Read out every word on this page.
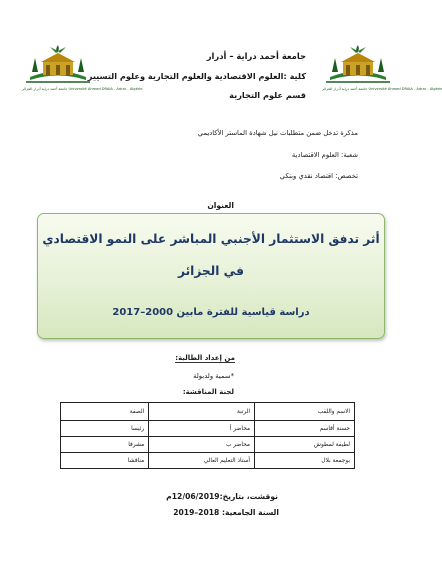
جامعة أحمد دراية أدرار الجزائر Université Ahmed DRAIA - Adrar - Algérie	جامعة أحمد دراية أدرار الجزائر Université Ahmed DRAIA - Adrar - Algérie
جامعة أحمد دراية – أدرار
كلية :العلوم الاقتصادية والعلوم التجارية وعلوم التسيير
قسم علوم التجارية
مذكرة تدخل ضمن متطلبات نيل شهادة الماستر الأكاديمي
شعبة: العلوم الاقتصادية
تخصص: اقتصاد نقدي وبنكي
العنوان
أثر تدفق الاستثمار الأجنبي المباشر على النمو الاقتصادي
في الجزائر
دراسة قياسية للفترة مابين 2000–2017
من إعداد الطالبة:
*سمية ولدبولة
لجنة المناقشة:
الاسم واللقب	الرتبة	الصفة
حسنة أقاسم	محاضر أ	رئيسا
لطيفة لمطوش	محاضر ب	مشرفا
بوجمعة بلال	أستاذ التعليم العالي	مناقشا
نوقشت، بتاريخ:12/06/2019م
السنة الجامعية: 2018–2019
